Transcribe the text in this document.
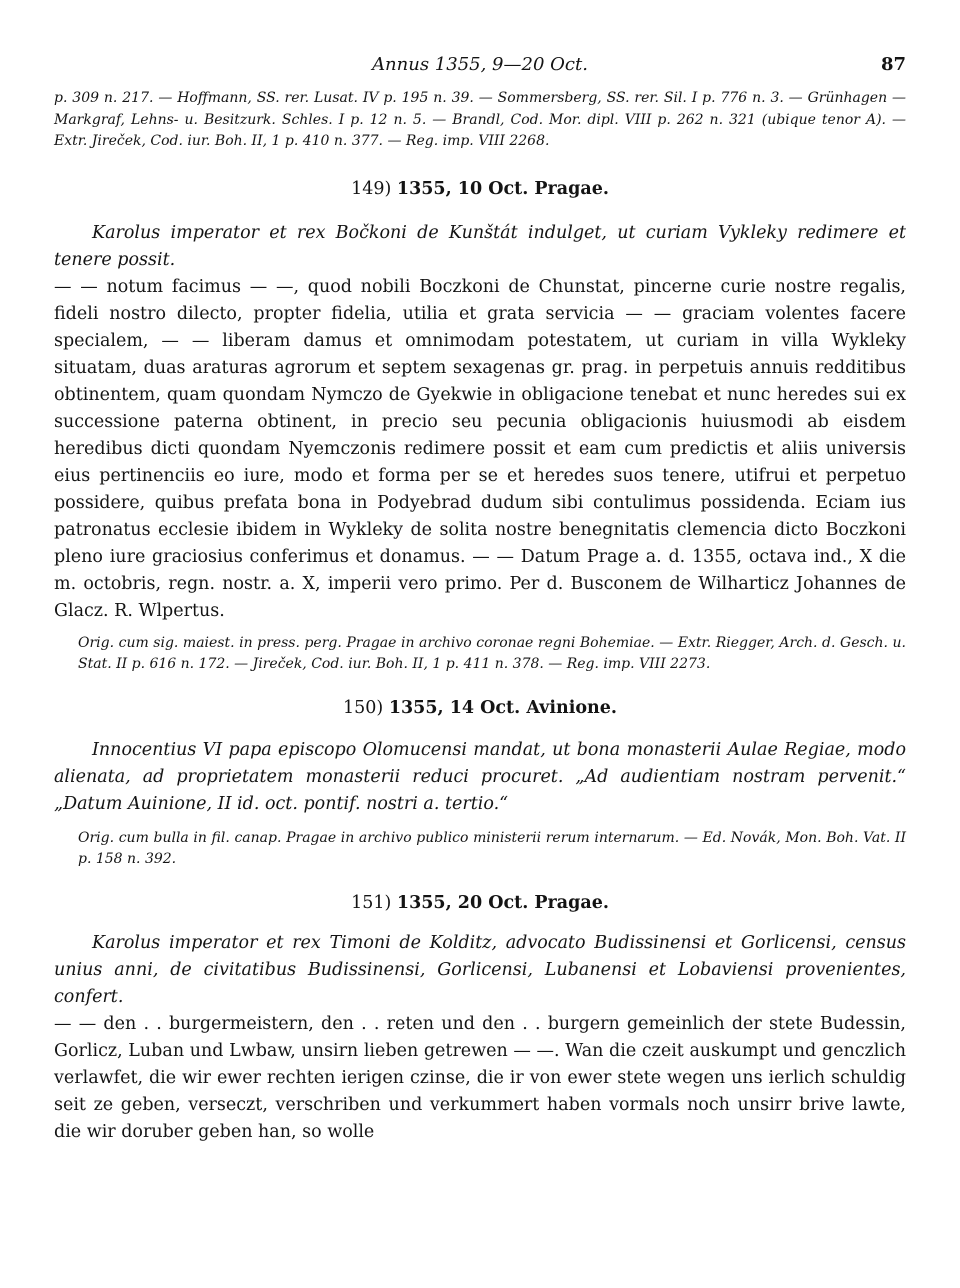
Annus 1355, 9—20 Oct.	87

p. 309 n. 217. — Hoffmann, SS. rer. Lusat. IV p. 195 n. 39. — Sommersberg, SS. rer. Sil. I p. 776 n. 3. — Grünhagen — Markgraf, Lehns- u. Besitzurk. Schles. I p. 12 n. 5. — Brandl, Cod. Mor. dipl. VIII p. 262 n. 321 (ubique tenor A). — Extr. Jireček, Cod. iur. Boh. II, 1 p. 410 n. 377. — Reg. imp. VIII 2268.

149) 1355, 10 Oct. Pragae.

Karolus imperator et rex Bočkoni de Kunštát indulget, ut curiam Vykleky redimere et tenere possit.

— — notum facimus — —, quod nobili Boczkoni de Chunstat, pincerne curie nostre regalis, fideli nostro dilecto, propter fidelia, utilia et grata servicia — — graciam volentes facere specialem, — — liberam damus et omnimodam potestatem, ut curiam in villa Wykleky situatam, duas araturas agrorum et septem sexagenas gr. prag. in perpetuis annuis redditibus obtinentem, quam quondam Nymczo de Gyekwie in obligacione tenebat et nunc heredes sui ex successione paterna obtinent, in precio seu pecunia obligacionis huiusmodi ab eisdem heredibus dicti quondam Nyemczonis redimere possit et eam cum predictis et aliis universis eius pertinenciis eo iure, modo et forma per se et heredes suos tenere, utifrui et perpetuo possidere, quibus prefata bona in Podyebrad dudum sibi contulimus possidenda. Eciam ius patronatus ecclesie ibidem in Wykleky de solita nostre benegnitatis clemencia dicto Boczkoni pleno iure graciosius conferimus et donamus. — — Datum Prage a. d. 1355, octava ind., X die m. octobris, regn. nostr. a. X, imperii vero primo. Per d. Busconem de Wilharticz Johannes de Glacz. R. Wlpertus.

Orig. cum sig. maiest. in press. perg. Pragae in archivo coronae regni Bohemiae. — Extr. Riegger, Arch. d. Gesch. u. Stat. II p. 616 n. 172. — Jireček, Cod. iur. Boh. II, 1 p. 411 n. 378. — Reg. imp. VIII 2273.

150) 1355, 14 Oct. Avinione.

Innocentius VI papa episcopo Olomucensi mandat, ut bona monasterii Aulae Regiae, modo alienata, ad proprietatem monasterii reduci procuret. „Ad audientiam nostram pervenit.“ „Datum Auinione, II id. oct. pontif. nostri a. tertio.“

Orig. cum bulla in fil. canap. Pragae in archivo publico ministerii rerum internarum. — Ed. Novák, Mon. Boh. Vat. II p. 158 n. 392.

151) 1355, 20 Oct. Pragae.

Karolus imperator et rex Timoni de Kolditz, advocato Budissinensi et Gorlicensi, census unius anni, de civitatibus Budissinensi, Gorlicensi, Lubanensi et Lobaviensi provenientes, confert.

— — den . . burgermeistern, den . . reten und den . . burgern gemeinlich der stete Budessin, Gorlicz, Luban und Lwbaw, unsirn lieben getrewen — —. Wan die czeit auskumpt und genczlich verlawfet, die wir ewer rechten ierigen czinse, die ir von ewer stete wegen uns ierlich schuldig seit ze geben, verseczt, verschriben und verkummert haben vormals noch unsirr brive lawte, die wir doruber geben han, so wolle
